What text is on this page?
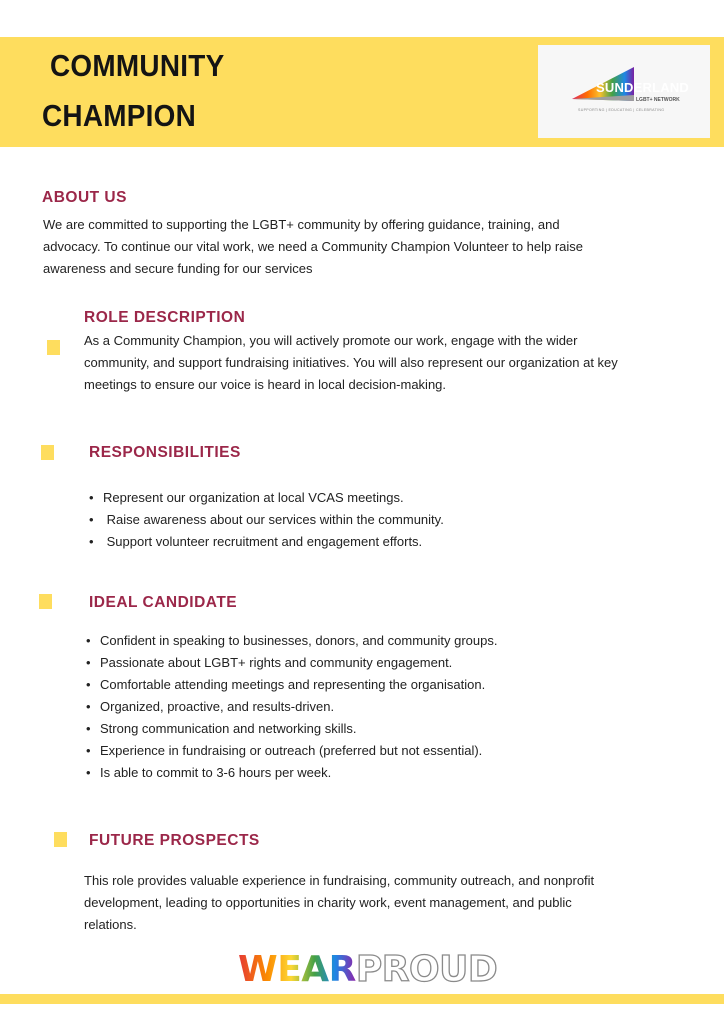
COMMUNITY
CHAMPION
SUNDERLAND
LGBT+ NETWORK
SUPPORTING | EDUCATING | CELEBRATING
ABOUT US
We are committed to supporting the LGBT+ community by offering guidance, training, and
advocacy. To continue our vital work, we need a Community Champion Volunteer to help raise
awareness and secure funding for our services
ROLE DESCRIPTION
As a Community Champion, you will actively promote our work, engage with the wider
community, and support fundraising initiatives. You will also represent our organization at key
meetings to ensure our voice is heard in local decision-making.
RESPONSIBILITIES
• Represent our organization at local VCAS meetings.
• Raise awareness about our services within the community.
• Support volunteer recruitment and engagement efforts.
IDEAL CANDIDATE
• Confident in speaking to businesses, donors, and community groups.
• Passionate about LGBT+ rights and community engagement.
• Comfortable attending meetings and representing the organisation.
• Organized, proactive, and results-driven.
• Strong communication and networking skills.
• Experience in fundraising or outreach (preferred but not essential).
• Is able to commit to 3-6 hours per week.
FUTURE PROSPECTS
This role provides valuable experience in fundraising, community outreach, and nonprofit
development, leading to opportunities in charity work, event management, and public
relations.
WEARPROUD
